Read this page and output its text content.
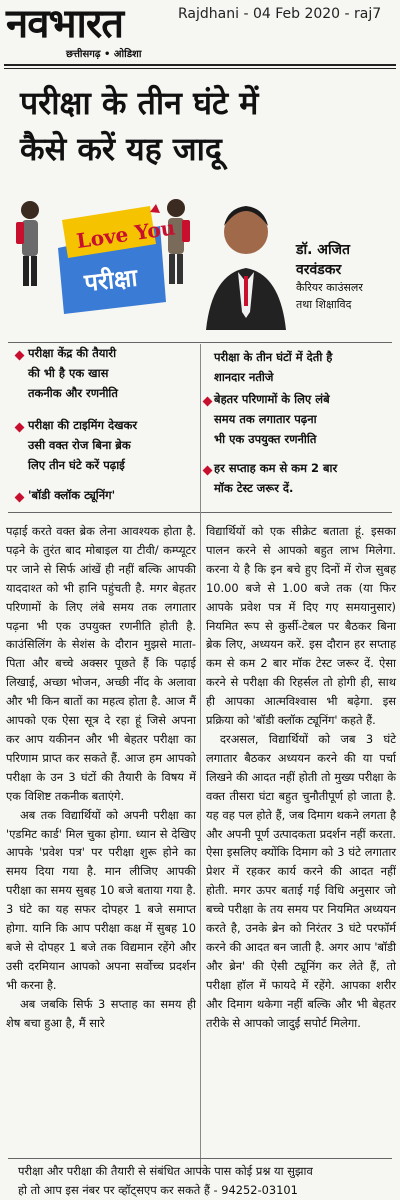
नवभारत
छत्तीसगढ़ • ओडिशा
Rajdhani - 04 Feb 2020 - raj7
परीक्षा के तीन घंटे में
कैसे करें यह जादू
Love You
परीक्षा
डॉ. अजित
वरवंडकर
कैरियर काउंसलर
तथा शिक्षाविद
परीक्षा केंद्र की तैयारी
की भी है एक खास
तकनीक और रणनीति
परीक्षा की टाइमिंग देखकर
उसी वक्त रोज बिना ब्रेक
लिए तीन घंटे करें पढ़ाई
'बॉडी क्लॉक ट्यूनिंग'
परीक्षा के तीन घंटों में देती है
शानदार नतीजे
बेहतर परिणामों के लिए लंबे
समय तक लगातार पढ़ना
भी एक उपयुक्त रणनीति
हर सप्ताह कम से कम 2 बार
मॉक टेस्ट जरूर दें.

पढ़ाई करते वक्त ब्रेक लेना आवश्यक होता है. पढ़ने के तुरंत बाद मोबाइल या टीवी/ कम्प्यूटर पर जाने से सिर्फ आंखें ही नहीं बल्कि आपकी याददाश्त को भी हानि पहुंचती है. मगर बेहतर परिणामों के लिए लंबे समय तक लगातार पढ़ना भी एक उपयुक्त रणनीति होती है. काउंसिलिंग के सेशंस के दौरान मुझसे माता-पिता और बच्चे अक्सर पूछते हैं कि पढ़ाई लिखाई, अच्छा भोजन, अच्छी नींद के अलावा और भी किन बातों का महत्व होता है. आज मैं आपको एक ऐसा सूत्र दे रहा हूं जिसे अपना कर आप यकीनन और भी बेहतर परीक्षा का परिणाम प्राप्त कर सकते हैं. आज हम आपको परीक्षा के उन 3 घंटों की तैयारी के विषय में एक विशिष्ट तकनीक बताएंगे.

अब तक विद्यार्थियों को अपनी परीक्षा का 'एडमिट कार्ड' मिल चुका होगा. ध्यान से देखिए आपके 'प्रवेश पत्र' पर परीक्षा शुरू होने का समय दिया गया है. मान लीजिए आपकी परीक्षा का समय सुबह 10 बजे बताया गया है. 3 घंटे का यह सफर दोपहर 1 बजे समाप्त होगा. यानि कि आप परीक्षा कक्ष में सुबह 10 बजे से दोपहर 1 बजे तक विद्यमान रहेंगे और उसी दरमियान आपको अपना सर्वोच्च प्रदर्शन भी करना है.

अब जबकि सिर्फ 3 सप्ताह का समय ही शेष बचा हुआ है, मैं सारे

विद्यार्थियों को एक सीक्रेट बताता हूं. इसका पालन करने से आपको बहुत लाभ मिलेगा. करना ये है कि इन बचे हुए दिनों में रोज सुबह 10.00 बजे से 1.00 बजे तक (या फिर आपके प्रवेश पत्र में दिए गए समयानुसार) नियमित रूप से कुर्सी-टेबल पर बैठकर बिना ब्रेक लिए, अध्ययन करें. इस दौरान हर सप्ताह कम से कम 2 बार मॉक टेस्ट जरूर दें. ऐसा करने से परीक्षा की रिहर्सल तो होगी ही, साथ ही आपका आत्मविश्वास भी बढ़ेगा. इस प्रक्रिया को 'बॉडी क्लॉक ट्यूनिंग' कहते हैं.

दरअसल, विद्यार्थियों को जब 3 घंटे लगातार बैठकर अध्ययन करने की या पर्चा लिखने की आदत नहीं होती तो मुख्य परीक्षा के वक्त तीसरा घंटा बहुत चुनौतीपूर्ण हो जाता है. यह वह पल होते हैं, जब दिमाग थकने लगता है और अपनी पूर्ण उत्पादकता प्रदर्शन नहीं करता. ऐसा इसलिए क्योंकि दिमाग को 3 घंटे लगातार प्रेशर में रहकर कार्य करने की आदत नहीं होती. मगर ऊपर बताई गई विधि अनुसार जो बच्चे परीक्षा के तय समय पर नियमित अध्ययन करते है, उनके ब्रेन को निरंतर 3 घंटे परफॉर्म करने की आदत बन जाती है. अगर आप 'बॉडी और ब्रेन' की ऐसी ट्यूनिंग कर लेते हैं, तो परीक्षा हॉल में फायदे में रहेंगे. आपका शरीर और दिमाग थकेगा नहीं बल्कि और भी बेहतर तरीके से आपको जादुई सपोर्ट मिलेगा.

परीक्षा और परीक्षा की तैयारी से संबंधित आपके पास कोई प्रश्न या सुझाव
हो तो आप इस नंबर पर व्हॉट्सएप कर सकते हैं - 94252-03101
